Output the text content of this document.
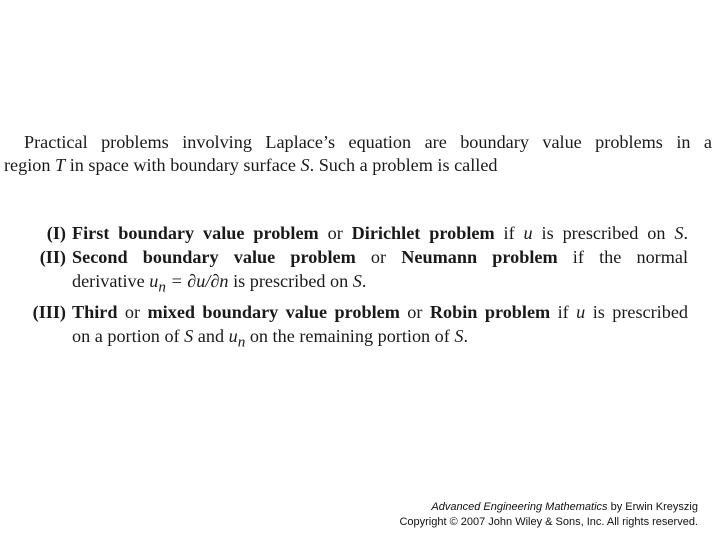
Practical problems involving Laplace’s equation are boundary value problems in a
region T in space with boundary surface S. Such a problem is called
(I) First boundary value problem or Dirichlet problem if u is prescribed on S.
(II) Second boundary value problem or Neumann problem if the normal
derivative $u_n = \partial u/\partial n$ is prescribed on S.
(III) Third or mixed boundary value problem or Robin problem if u is prescribed
on a portion of S and $u_n$ on the remaining portion of S.
Advanced Engineering Mathematics by Erwin Kreyszig
Copyright © 2007 John Wiley & Sons, Inc. All rights reserved.
